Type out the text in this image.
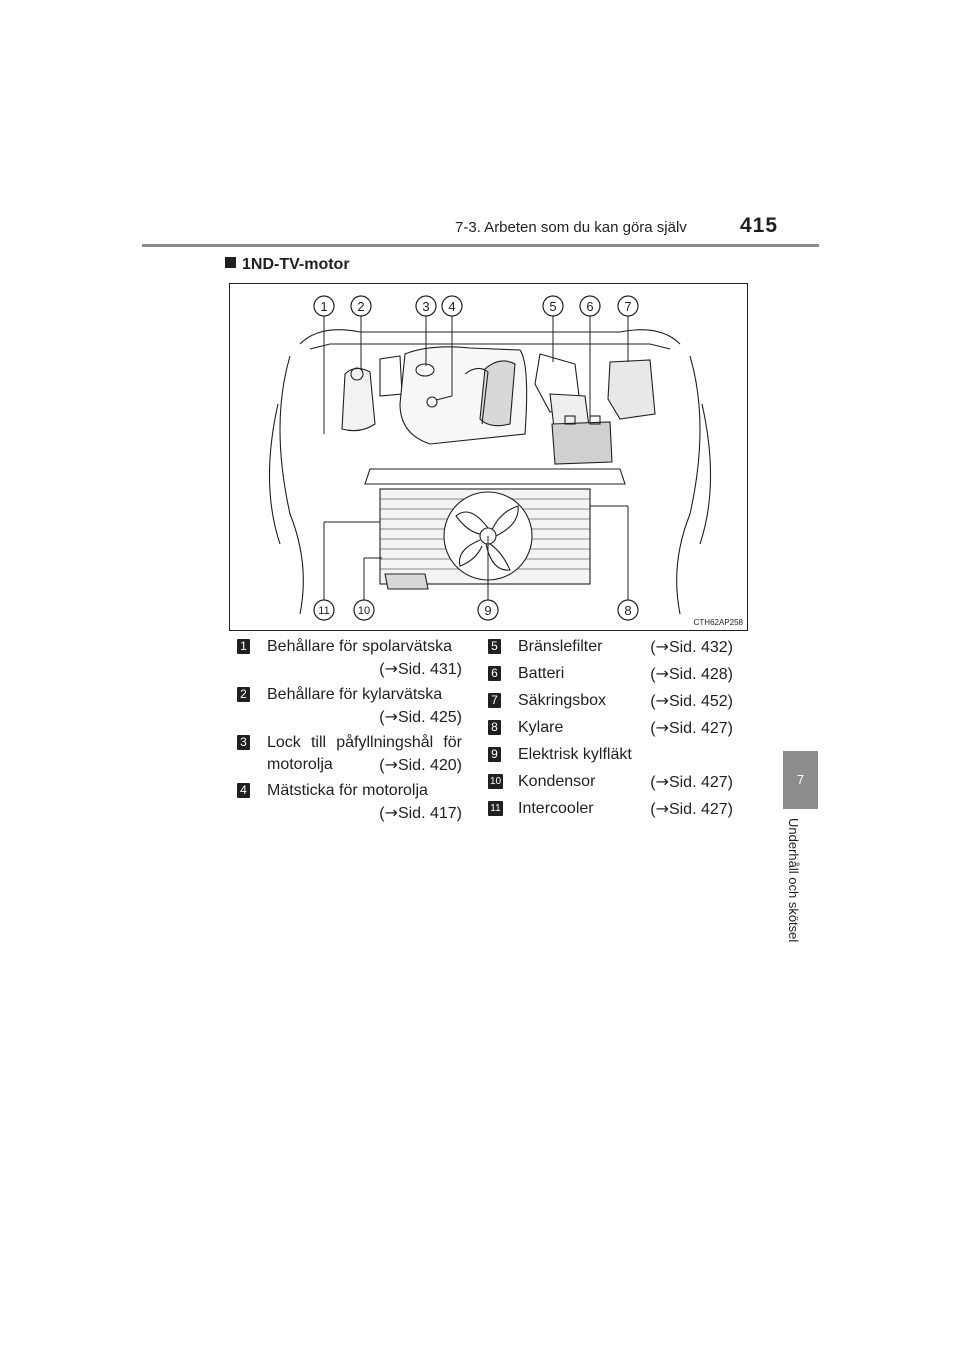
7-3. Arbeten som du kan göra själv	415
7
Underhåll och skötsel
1ND-TV-motor
1 2	3 4	5 6 7
11	10	9	8
CTH62AP258
1 Behållare för spolarvätska
(→Sid. 431)
2 Behållare för kylarvätska
(→Sid. 425)
3 Lock till påfyllningshål för
motorolja	(→Sid. 420)
4 Mätsticka för motorolja
(→Sid. 417)
5 Bränslefilter	(→Sid. 432)
6 Batteri	(→Sid. 428)
7 Säkringsbox	(→Sid. 452)
8 Kylare	(→Sid. 427)
9 Elektrisk kylfläkt
10 Kondensor	(→Sid. 427)
11 Intercooler	(→Sid. 427)
